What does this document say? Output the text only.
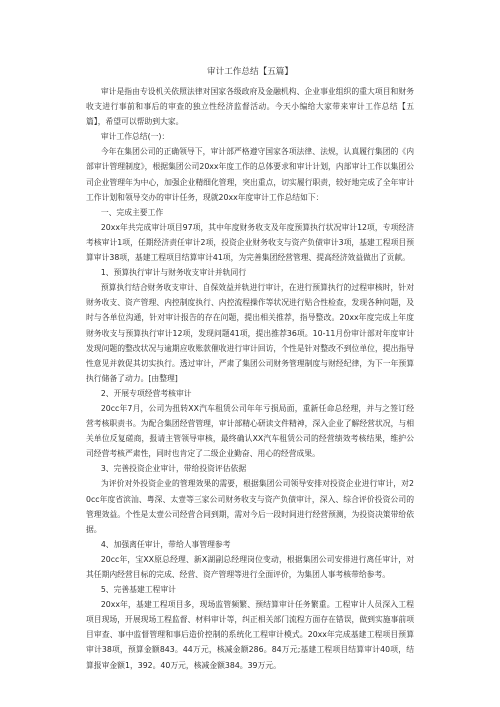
审计工作总结【五篇】

审计是指由专设机关依照法律对国家各级政府及金融机构、企业事业组织的重大项目和财务收支进行事前和事后的审查的独立性经济监督活动。今天小编给大家带来审计工作总结【五篇】，希望可以帮助到大家。

审计工作总结(一)：

今年在集团公司的正确领导下，审计部严格遵守国家各项法律、法规，认真履行集团的《内部审计管理制度》，根据集团公司20xx年度工作的总体要求和审计计划，内部审计工作以集团公司企业管理年为中心，加强企业精细化管理，突出重点，切实履行职责，较好地完成了全年审计工作计划和领导交办的审计任务，现就20xx年度审计工作总结如下：

一、完成主要工作

20xx年共完成审计项目97项，其中年度财务收支及年度预算执行状况审计12项，专项经济考核审计1项，任期经济责任审计2项，投资企业财务收支与资产负债审计3项，基建工程项目预算审计38项，基建工程项目结算审计41项，为完善集团经营管理、提高经济效益做出了贡献。

1、预算执行审计与财务收支审计并轨同行

预算执行结合财务收支审计、自保效益并轨进行审计，在进行预算执行的过程审核时，针对财务收支、资产管理、内控制度执行、内控流程操作等状况进行贴合性检查，发现各种问题，及时与各单位沟通，针对审计报告的存在问题，提出相关推荐，指导整改。20xx年度完成上年度财务收支与预算执行审计12项，发现问题41项，提出推荐36项。10-11月份审计部对年度审计发现问题的整改状况与逾期应收账款催收进行审计回访，个性是针对整改不到位单位，提出指导性意见并敦促其切实执行。透过审计，严肃了集团公司财务管理制度与财经纪律，为下一年预算执行储备了动力。[由整理]

2、开展专项经营考核审计

20cc年7月，公司为扭转XX汽车租赁公司年年亏损局面，重新任命总经理，并与之签订经营考核职责书。为配合集团经营管理，审计部精心研读文件精神，深入企业了解经营状况，与相关单位反复磋商，报请主管领导审核，最终确认XX汽车租赁公司的经营绩效考核结果，维护公司经营考核严肃性，同时也肯定了二级企业勤奋、用心的经营成果。

3、完善投资企业审计，带给投资评估依据

为评价对外投资企业的管理效果的需要，根据集团公司领导安排对投资企业进行审计，对20cc年度省滨汕、粤深、太壹等三家公司财务收支与资产负债审计，深入、综合评价投资公司的管理效益。个性是太壹公司经营合同到期，需对今后一段时间进行经营预测，为投资决策带给依据。

4、加强离任审计，带给人事管理参考

20cc年，宝XX原总经理、新X湖副总经理岗位变动，根据集团公司安排进行离任审计，对其任期内经营目标的完成、经营、资产管理等进行全面评价，为集团人事考核带给参考。

5、完善基建工程审计

20xx年，基建工程项目多，现场监管频繁、预结算审计任务繁重。工程审计人员深入工程项目现场，开展现场工程监督、材料审计等，纠正相关部门流程方面存在错误，做到实施事前项目审查、事中监督管理和事后造价控制的系统化工程审计模式。20xx年完成基建工程项目预算审计38项，预算金额843。44万元，核减金额286。84万元;基建工程项目结算审计40项，结算报审金额1，392。40万元，核减金额384。39万元。
